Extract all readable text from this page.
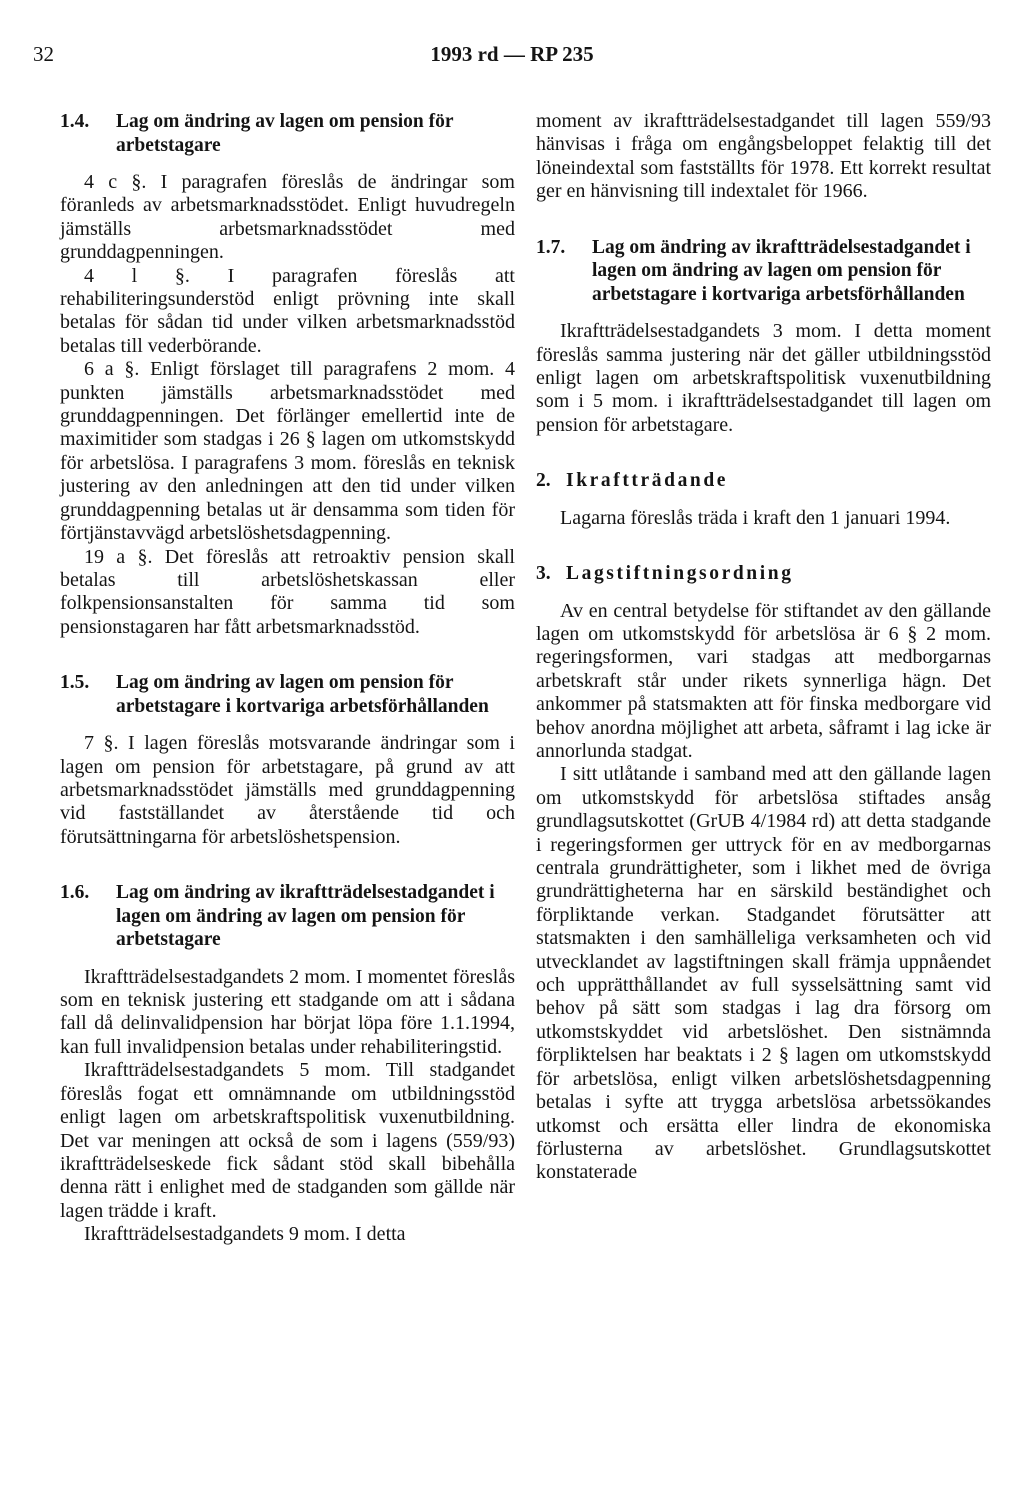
32	1993 rd — RP 235
1.4.	Lag om ändring av lagen om pension för arbetstagare

4 c §. I paragrafen föreslås de ändringar som föranleds av arbetsmarknadsstödet. Enligt huvudregeln jämställs arbetsmarknadsstödet med grunddagpenningen.

4 l §. I paragrafen föreslås att rehabiliteringsunderstöd enligt prövning inte skall betalas för sådan tid under vilken arbetsmarknadsstöd betalas till vederbörande.

6 a §. Enligt förslaget till paragrafens 2 mom. 4 punkten jämställs arbetsmarknadsstödet med grunddagpenningen. Det förlänger emellertid inte de maximitider som stadgas i 26 § lagen om utkomstskydd för arbetslösa. I paragrafens 3 mom. föreslås en teknisk justering av den anledningen att den tid under vilken grunddagpenning betalas ut är densamma som tiden för förtjänstavvägd arbetslöshetsdagpenning.

19 a §. Det föreslås att retroaktiv pension skall betalas till arbetslöshetskassan eller folkpensionsanstalten för samma tid som pensionstagaren har fått arbetsmarknadsstöd.

1.5.	Lag om ändring av lagen om pension för arbetstagare i kortvariga arbetsförhållanden

7 §. I lagen föreslås motsvarande ändringar som i lagen om pension för arbetstagare, på grund av att arbetsmarknadsstödet jämställs med grunddagpenning vid fastställandet av återstående tid och förutsättningarna för arbetslöshetspension.

1.6.	Lag om ändring av ikraftträdelsestadgandet i lagen om ändring av lagen om pension för arbetstagare

Ikraftträdelsestadgandets 2 mom. I momentet föreslås som en teknisk justering ett stadgande om att i sådana fall då delinvalidpension har börjat löpa före 1.1.1994, kan full invalidpension betalas under rehabiliteringstid.

Ikraftträdelsestadgandets 5 mom. Till stadgandet föreslås fogat ett omnämnande om utbildningsstöd enligt lagen om arbetskraftspolitisk vuxenutbildning. Det var meningen att också de som i lagens (559/93) ikraftträdelseskede fick sådant stöd skall bibehålla denna rätt i enlighet med de stadganden som gällde när lagen trädde i kraft.

Ikraftträdelsestadgandets 9 mom. I detta

moment av ikraftträdelsestadgandet till lagen 559/93 hänvisas i fråga om engångsbeloppet felaktig till det löneindextal som fastställts för 1978. Ett korrekt resultat ger en hänvisning till indextalet för 1966.

1.7.	Lag om ändring av ikraftträdelsestadgandet i lagen om ändring av lagen om pension för arbetstagare i kortvariga arbetsförhållanden

Ikraftträdelsestadgandets 3 mom. I detta moment föreslås samma justering när det gäller utbildningsstöd enligt lagen om arbetskraftspolitisk vuxenutbildning som i 5 mom. i ikraftträdelsestadgandet till lagen om pension för arbetstagare.

2. Ikraftträdande

Lagarna föreslås träda i kraft den 1 januari 1994.

3. Lagstiftningsordning

Av en central betydelse för stiftandet av den gällande lagen om utkomstskydd för arbetslösa är 6 § 2 mom. regeringsformen, vari stadgas att medborgarnas arbetskraft står under rikets synnerliga hägn. Det ankommer på statsmakten att för finska medborgare vid behov anordna möjlighet att arbeta, såframt i lag icke är annorlunda stadgat.

I sitt utlåtande i samband med att den gällande lagen om utkomstskydd för arbetslösa stiftades ansåg grundlagsutskottet (GrUB 4/1984 rd) att detta stadgande i regeringsformen ger uttryck för en av medborgarnas centrala grundrättigheter, som i likhet med de övriga grundrättigheterna har en särskild beständighet och förpliktande verkan. Stadgandet förutsätter att statsmakten i den samhälleliga verksamheten och vid utvecklandet av lagstiftningen skall främja uppnåendet och upprätthållandet av full sysselsättning samt vid behov på sätt som stadgas i lag dra försorg om utkomstskyddet vid arbetslöshet. Den sistnämnda förpliktelsen har beaktats i 2 § lagen om utkomstskydd för arbetslösa, enligt vilken arbetslöshetsdagpenning betalas i syfte att trygga arbetslösa arbetssökandes utkomst och ersätta eller lindra de ekonomiska förlusterna av arbetslöshet. Grundlagsutskottet konstaterade
